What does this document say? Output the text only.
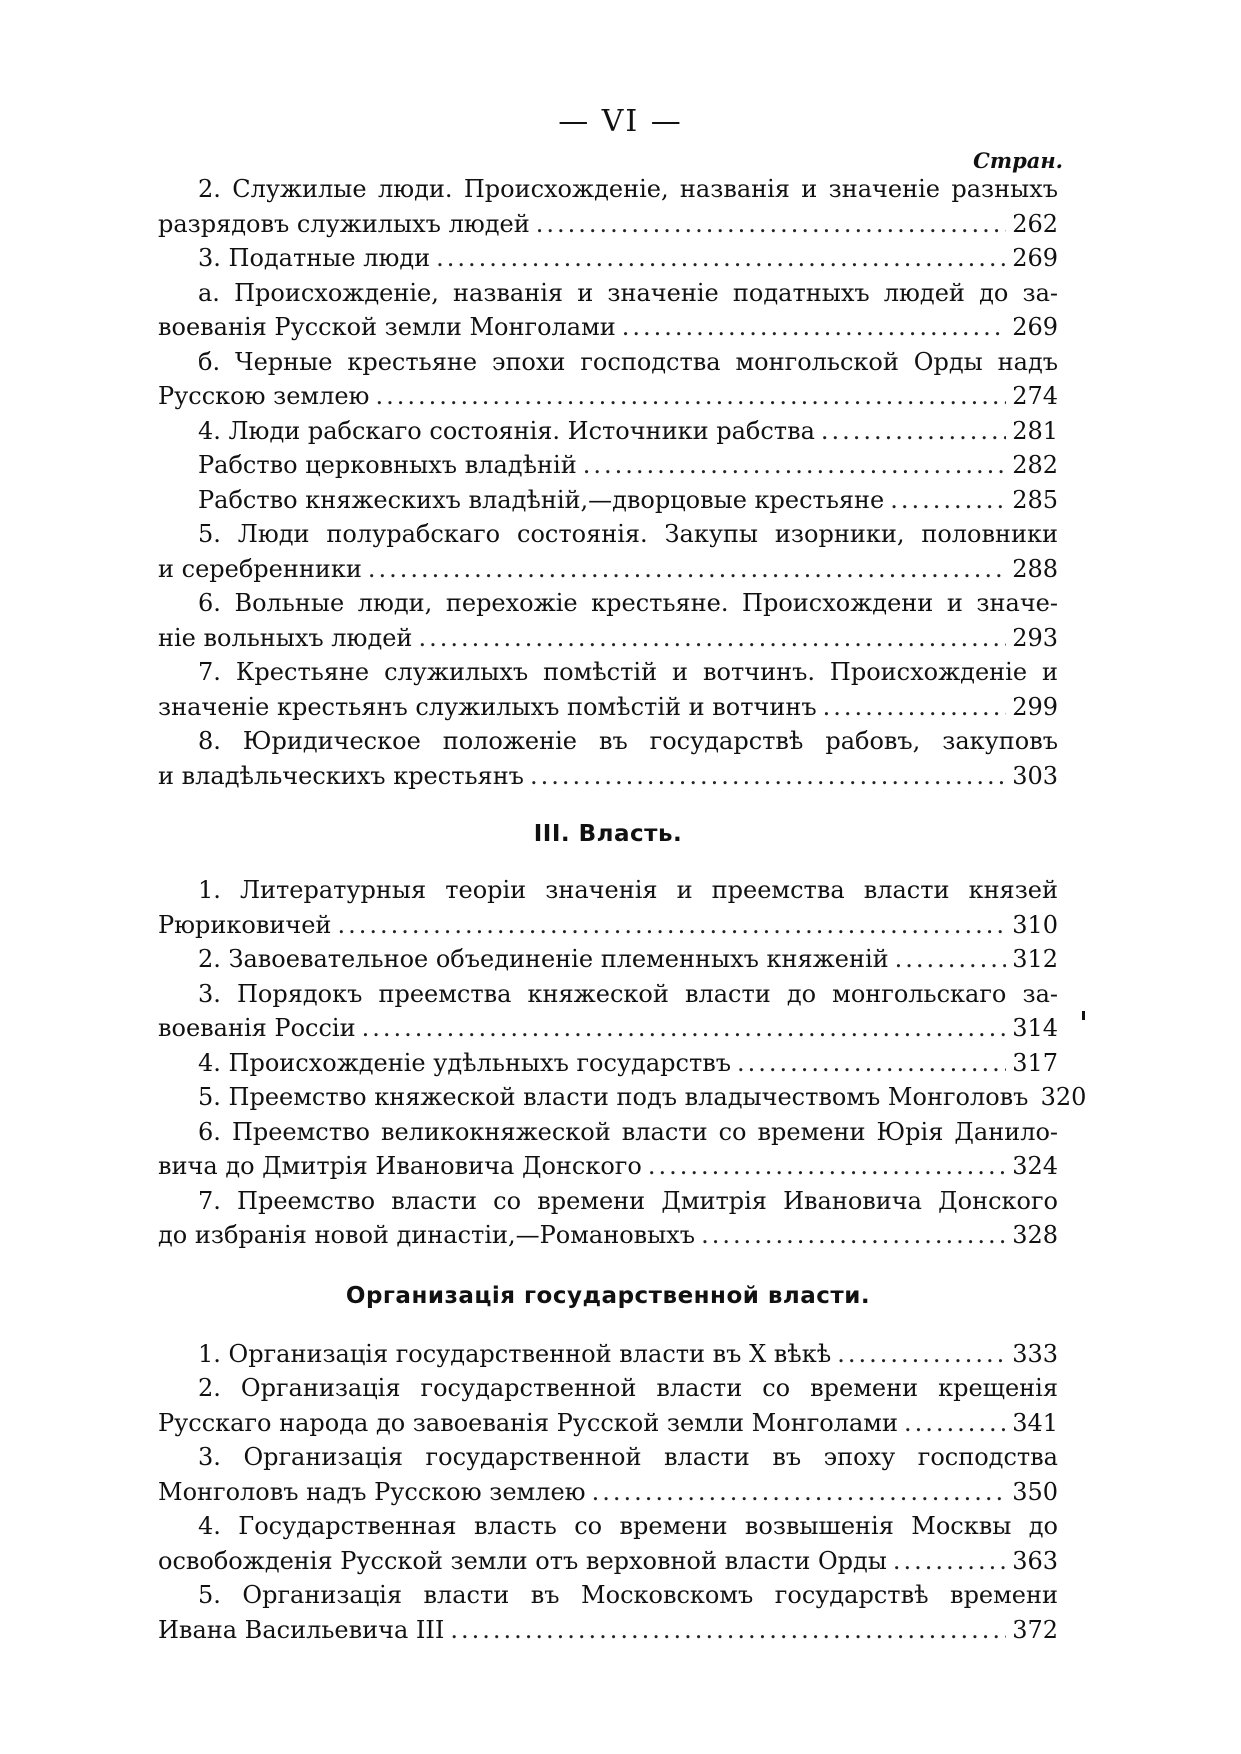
— VI —
Стран.
2. Служилые люди. Происхожденіе, названія и значеніе разныхъ
разрядовъ служилыхъ людей .....	262
3. Податные люди .....	269
а. Происхожденіе, названія и значеніе податныхъ людей до за-
воеванія Русской земли Монголами .....	269
б. Черные крестьяне эпохи господства монгольской Орды надъ
Русскою землею .....	274
4. Люди рабскаго состоянія. Источники рабства .....	281
Рабство церковныхъ владѣній .....	282
Рабство княжескихъ владѣній,—дворцовые крестьяне .....	285
5. Люди полурабскаго состоянія. Закупы изорники, половники
и серебренники .....	288
6. Вольные люди, перехожіе крестьяне. Происхождени и значе-
ніе вольныхъ людей .....	293
7. Крестьяне служилыхъ помѣстій и вотчинъ. Происхожденіе и
значеніе крестьянъ служилыхъ помѣстій и вотчинъ .....	299
8. Юридическое положеніе въ государствѣ рабовъ, закуповъ
и владѣльческихъ крестьянъ .....	303
III. Власть.
1. Литературныя теоріи значенія и преемства власти князей
Рюриковичей .....	310
2. Завоевательное объединеніе племенныхъ княженій .....	312
3. Порядокъ преемства княжеской власти до монгольскаго за-
воеванія Россіи .....	314
4. Происхожденіе удѣльныхъ государствъ .....	317
5. Преемство княжеской власти подъ владычествомъ Монголовъ 320
6. Преемство великокняжеской власти со времени Юрія Данило-
вича до Дмитрія Ивановича Донского .....	324
7. Преемство власти со времени Дмитрія Ивановича Донского
до избранія новой династіи,—Романовыхъ .....	328
Организація государственной власти.
1. Организація государственной власти въ X вѣкѣ .....	333
2. Организація государственной власти со времени крещенія
Русскаго народа до завоеванія Русской земли Монголами .....	341
3. Организація государственной власти въ эпоху господства
Монголовъ надъ Русскою землею .....	350
4. Государственная власть со времени возвышенія Москвы до
освобожденія Русской земли отъ верховной власти Орды .....	363
5. Организація власти въ Московскомъ государствѣ времени
Ивана Васильевича III .....	372
